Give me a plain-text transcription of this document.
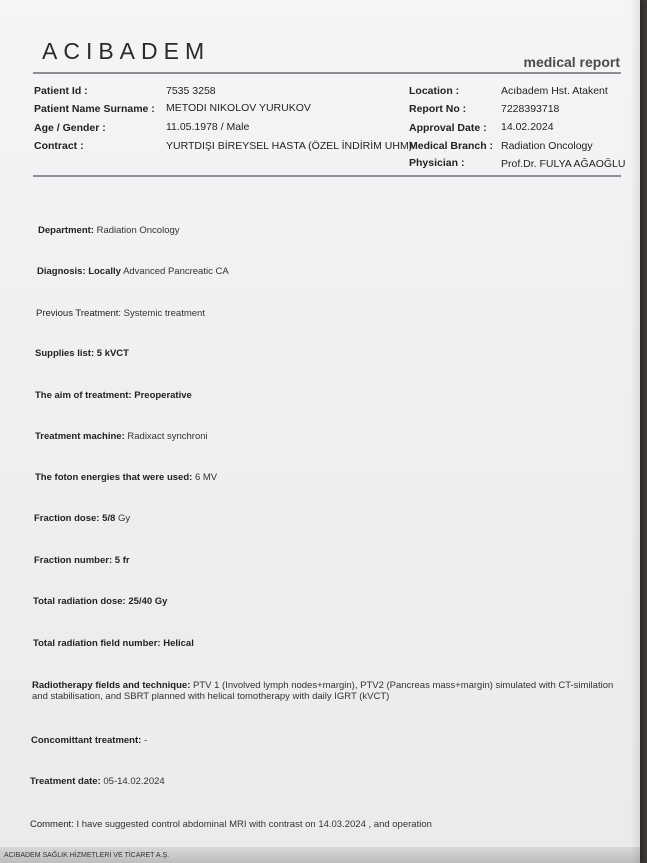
ACIBADEM	medical report
Patient Id :	7535 3258
Patient Name Surname : METODI NIKOLOV YURUKOV
Age / Gender :	11.05.1978 / Male
Contract :	YURTDIŞI BİREYSEL HASTA (ÖZEL İNDİRİM UHM)
Location :	Acıbadem Hst. Atakent
Report No :	7228393718
Approval Date : 14.02.2024
Medical Branch : Radiation Oncology
Physician :	Prof.Dr. FULYA AĞAOĞLU
Department: Radiation Oncology
Diagnosis: Locally Advanced Pancreatic CA
Previous Treatment: Systemic treatment
Supplies list: 5 kVCT
The aim of treatment: Preoperative
Treatment machine: Radixact synchroni
The foton energies that were used: 6 MV
Fraction dose: 5/8 Gy
Fraction number: 5 fr
Total radiation dose: 25/40 Gy
Total radiation field number: Helical
Radiotherapy fields and technique: PTV 1 (Involved lymph nodes+margin), PTV2 (Pancreas mass+margin) simulated with CT-similation and stabilisation, and SBRT planned with helical tomotherapy with daily IGRT (kVCT)
Concomittant treatment: -
Treatment date: 05-14.02.2024
Comment: I have suggested control abdominal MRI with contrast on 14.03.2024 , and operation
ACIBADEM SAĞLIK HİZMETLERİ VE TİCARET A.Ş.
